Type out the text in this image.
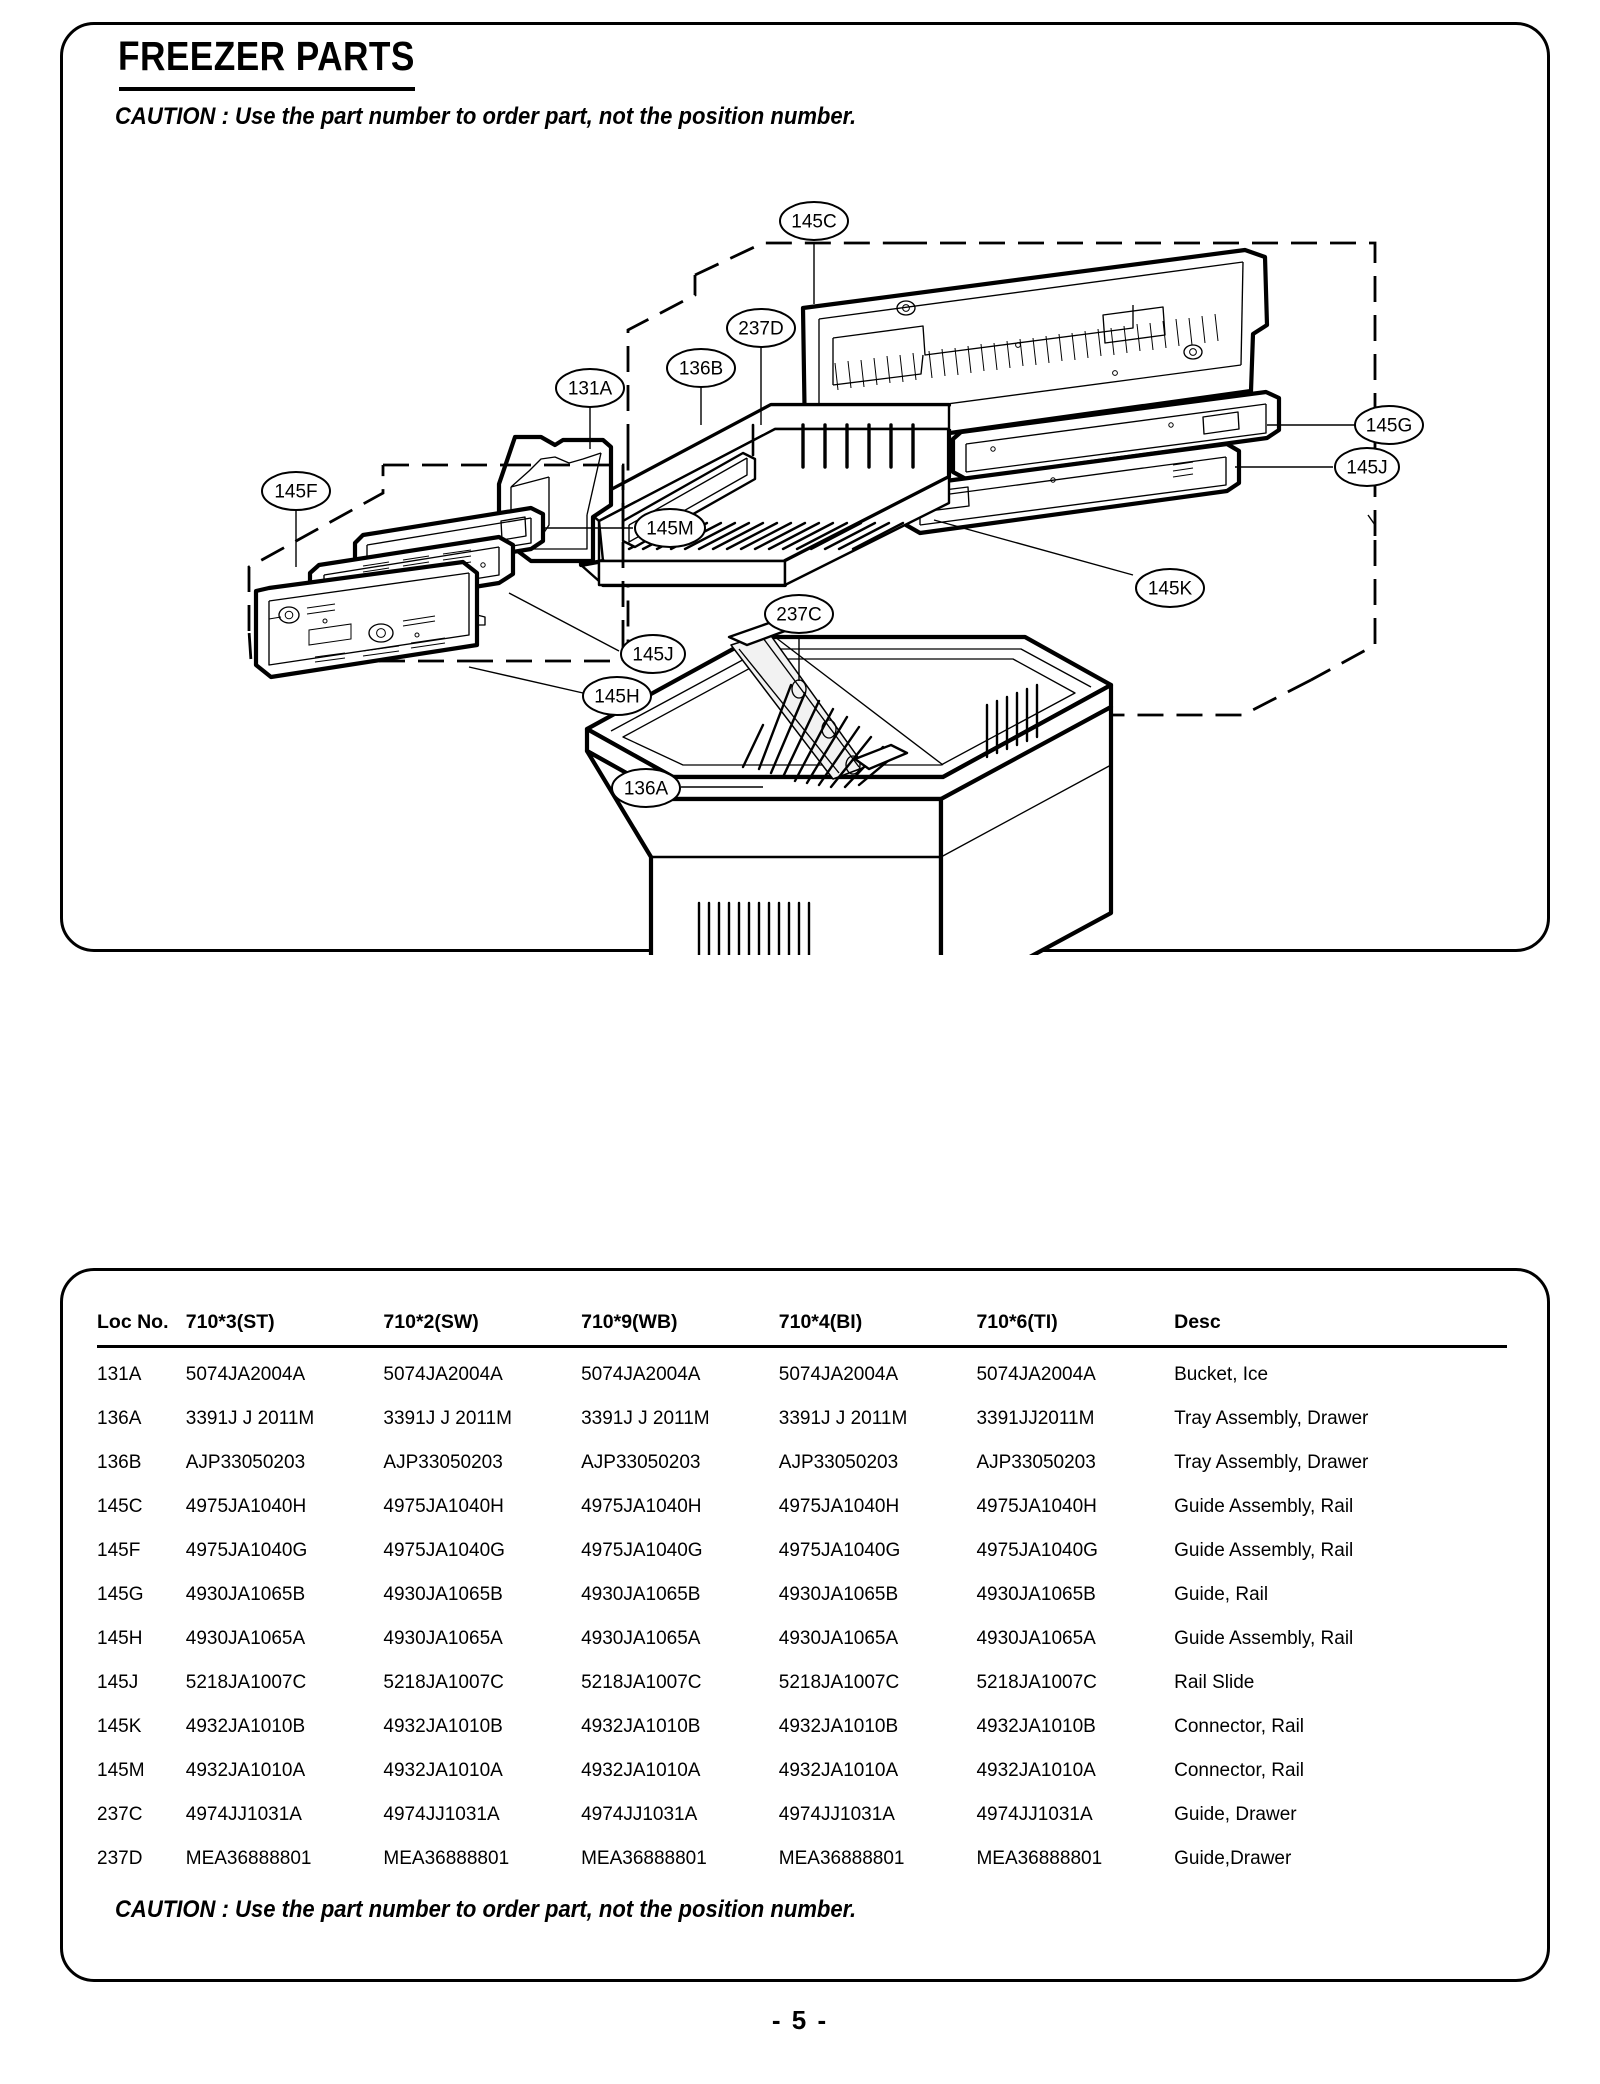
FREEZER PARTS
CAUTION : Use the part number to order part, not the position number.
145C
145G
145J
145K
237D
136B
131A
145F
145M
145J
145H
237C
136A
Loc No.	710*3(ST)	710*2(SW)	710*9(WB)	710*4(BI)	710*6(TI)	Desc
131A	5074JA2004A	5074JA2004A	5074JA2004A	5074JA2004A	5074JA2004A	Bucket, Ice
136A	3391J J 2011M	3391J J 2011M	3391J J 2011M	3391J J 2011M	3391JJ2011M	Tray Assembly, Drawer
136B	AJP33050203	AJP33050203	AJP33050203	AJP33050203	AJP33050203	Tray Assembly, Drawer
145C	4975JA1040H	4975JA1040H	4975JA1040H	4975JA1040H	4975JA1040H	Guide Assembly, Rail
145F	4975JA1040G	4975JA1040G	4975JA1040G	4975JA1040G	4975JA1040G	Guide Assembly, Rail
145G	4930JA1065B	4930JA1065B	4930JA1065B	4930JA1065B	4930JA1065B	Guide, Rail
145H	4930JA1065A	4930JA1065A	4930JA1065A	4930JA1065A	4930JA1065A	Guide Assembly, Rail
145J	5218JA1007C	5218JA1007C	5218JA1007C	5218JA1007C	5218JA1007C	Rail Slide
145K	4932JA1010B	4932JA1010B	4932JA1010B	4932JA1010B	4932JA1010B	Connector, Rail
145M	4932JA1010A	4932JA1010A	4932JA1010A	4932JA1010A	4932JA1010A	Connector, Rail
237C	4974JJ1031A	4974JJ1031A	4974JJ1031A	4974JJ1031A	4974JJ1031A	Guide, Drawer
237D	MEA36888801	MEA36888801	MEA36888801	MEA36888801	MEA36888801	Guide,Drawer
CAUTION : Use the part number to order part, not the position number.
- 5 -
